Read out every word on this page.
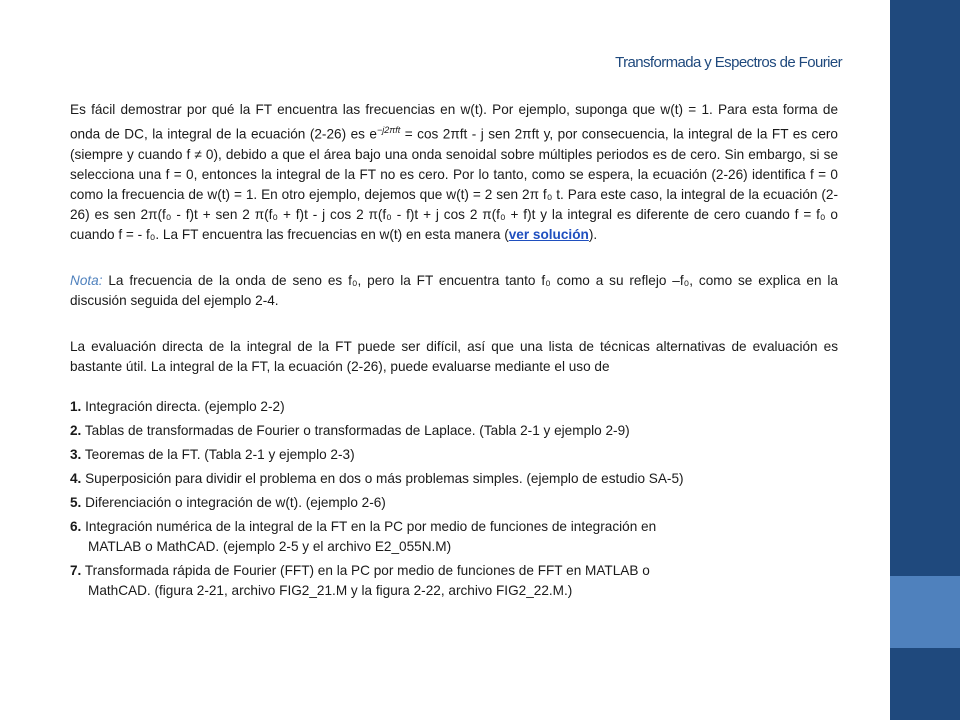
Transformada y Espectros de Fourier

Es fácil demostrar por qué la FT encuentra las frecuencias en w(t). Por ejemplo, suponga que w(t) = 1. Para esta forma de onda de DC, la integral de la ecuación (2-26) es $e^{-j2\pi ft} = \cos 2\pi ft - j$ sen 2πft y, por consecuencia, la integral de la FT es cero (siempre y cuando f ≠ 0), debido a que el área bajo una onda senoidal sobre múltiples periodos es de cero. Sin embargo, si se selecciona una f = 0, entonces la integral de la FT no es cero. Por lo tanto, como se espera, la ecuación (2-26) identifica f = 0 como la frecuencia de w(t) = 1. En otro ejemplo, dejemos que w(t) = 2 sen 2π f₀ t. Para este caso, la integral de la ecuación (2-26) es sen 2π(f₀ - f)t + sen 2 π(f₀ + f)t - j cos 2 π(f₀ - f)t + j cos 2 π(f₀ + f)t y la integral es diferente de cero cuando f = f₀ o cuando f = - f₀. La FT encuentra las frecuencias en w(t) en esta manera (ver solución).

Nota: La frecuencia de la onda de seno es f₀, pero la FT encuentra tanto f₀ como a su reflejo –f₀, como se explica en la discusión seguida del ejemplo 2-4.

La evaluación directa de la integral de la FT puede ser difícil, así que una lista de técnicas alternativas de evaluación es bastante útil. La integral de la FT, la ecuación (2-26), puede evaluarse mediante el uso de

1. Integración directa. (ejemplo 2-2)
2. Tablas de transformadas de Fourier o transformadas de Laplace. (Tabla 2-1 y ejemplo 2-9)
3. Teoremas de la FT. (Tabla 2-1 y ejemplo 2-3)
4. Superposición para dividir el problema en dos o más problemas simples. (ejemplo de estudio SA-5)
5. Diferenciación o integración de w(t). (ejemplo 2-6)
6. Integración numérica de la integral de la FT en la PC por medio de funciones de integración en
MATLAB o MathCAD. (ejemplo 2-5 y el archivo E2_055N.M)
7. Transformada rápida de Fourier (FFT) en la PC por medio de funciones de FFT en MATLAB o
MathCAD. (figura 2-21, archivo FIG2_21.M y la figura 2-22, archivo FIG2_22.M.)
